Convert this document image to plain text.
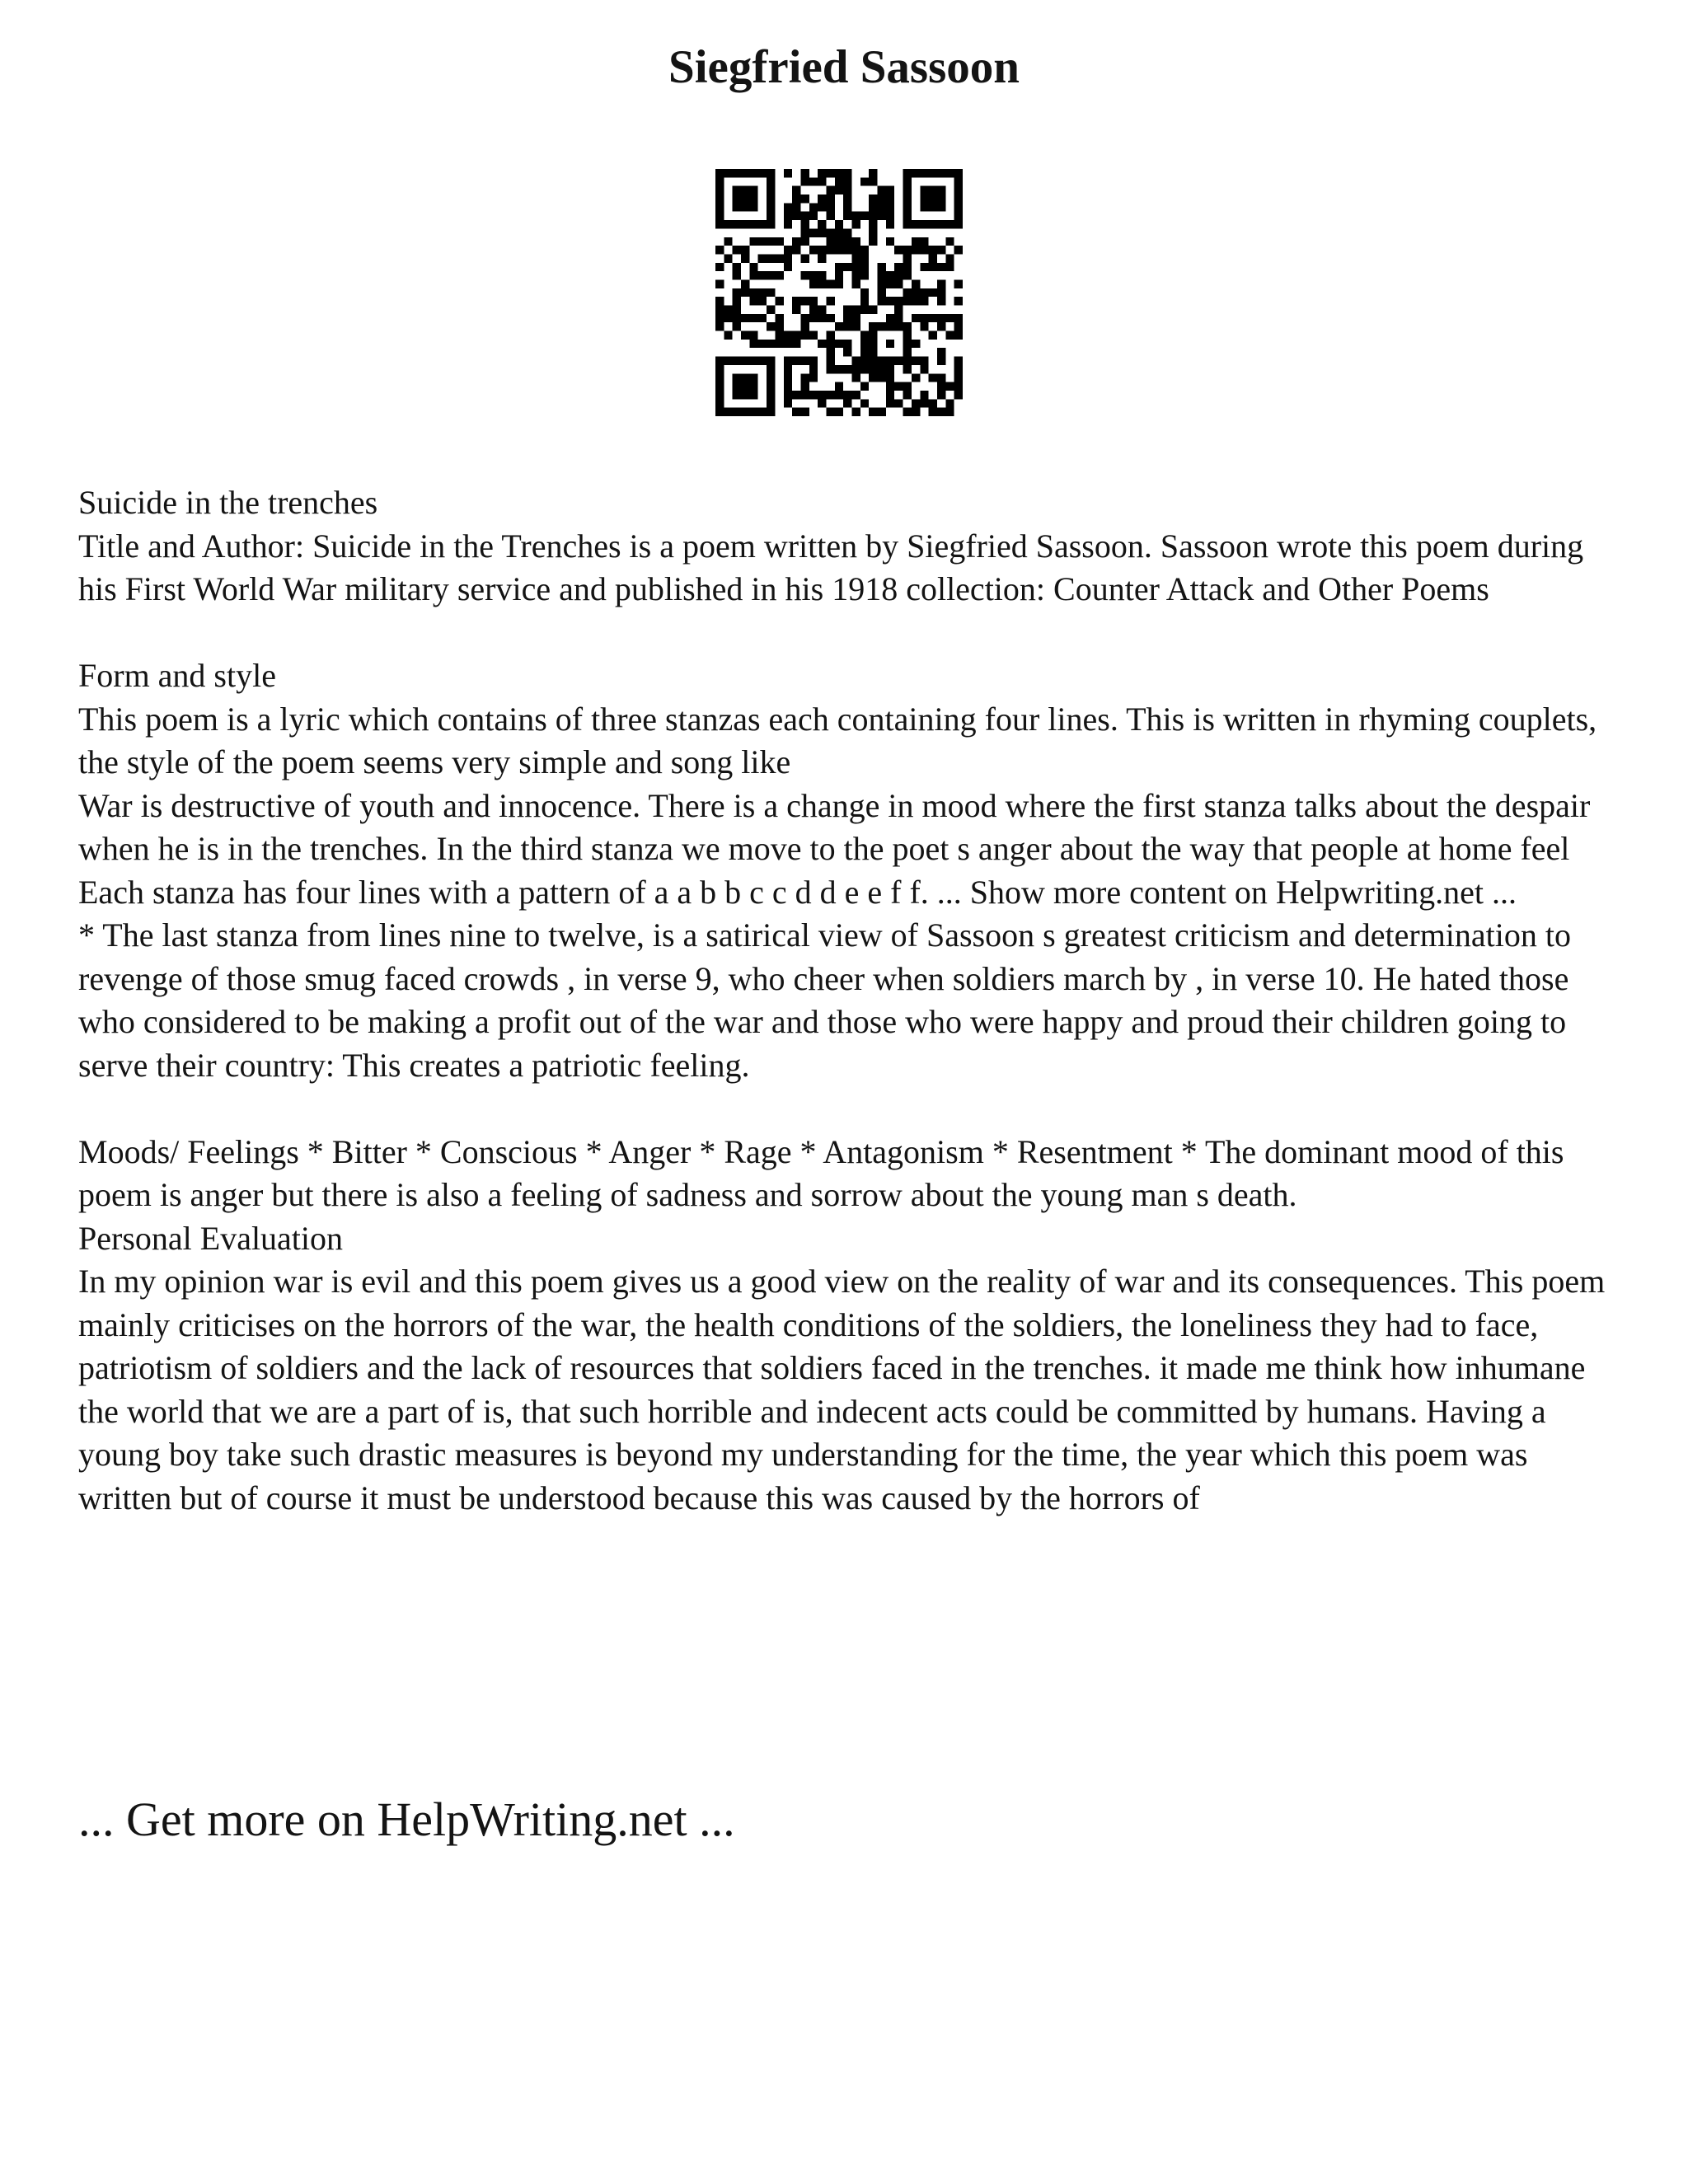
Siegfried Sassoon

Suicide in the trenches

Title and Author: Suicide in the Trenches is a poem written by Siegfried Sassoon. Sassoon wrote this poem during his First World War military service and published in his 1918 collection: Counter Attack and Other Poems

Form and style

This poem is a lyric which contains of three stanzas each containing four lines. This is written in rhyming couplets, the style of the poem seems very simple and song like

War is destructive of youth and innocence. There is a change in mood where the first stanza talks about the despair when he is in the trenches. In the third stanza we move to the poet s anger about the way that people at home feel

Each stanza has four lines with a pattern of a a b b c c d d e e f f. ... Show more content on Helpwriting.net ...

* The last stanza from lines nine to twelve, is a satirical view of Sassoon s greatest criticism and determination to revenge of those smug faced crowds , in verse 9, who cheer when soldiers march by , in verse 10. He hated those who considered to be making a profit out of the war and those who were happy and proud their children going to serve their country: This creates a patriotic feeling.

Moods/ Feelings * Bitter * Conscious * Anger * Rage * Antagonism * Resentment * The dominant mood of this poem is anger but there is also a feeling of sadness and sorrow about the young man s death.

Personal Evaluation

In my opinion war is evil and this poem gives us a good view on the reality of war and its consequences. This poem mainly criticises on the horrors of the war, the health conditions of the soldiers, the loneliness they had to face, patriotism of soldiers and the lack of resources that soldiers faced in the trenches. it made me think how inhumane the world that we are a part of is, that such horrible and indecent acts could be committed by humans. Having a young boy take such drastic measures is beyond my understanding for the time, the year which this poem was written but of course it must be understood because this was caused by the horrors of

... Get more on HelpWriting.net ...
